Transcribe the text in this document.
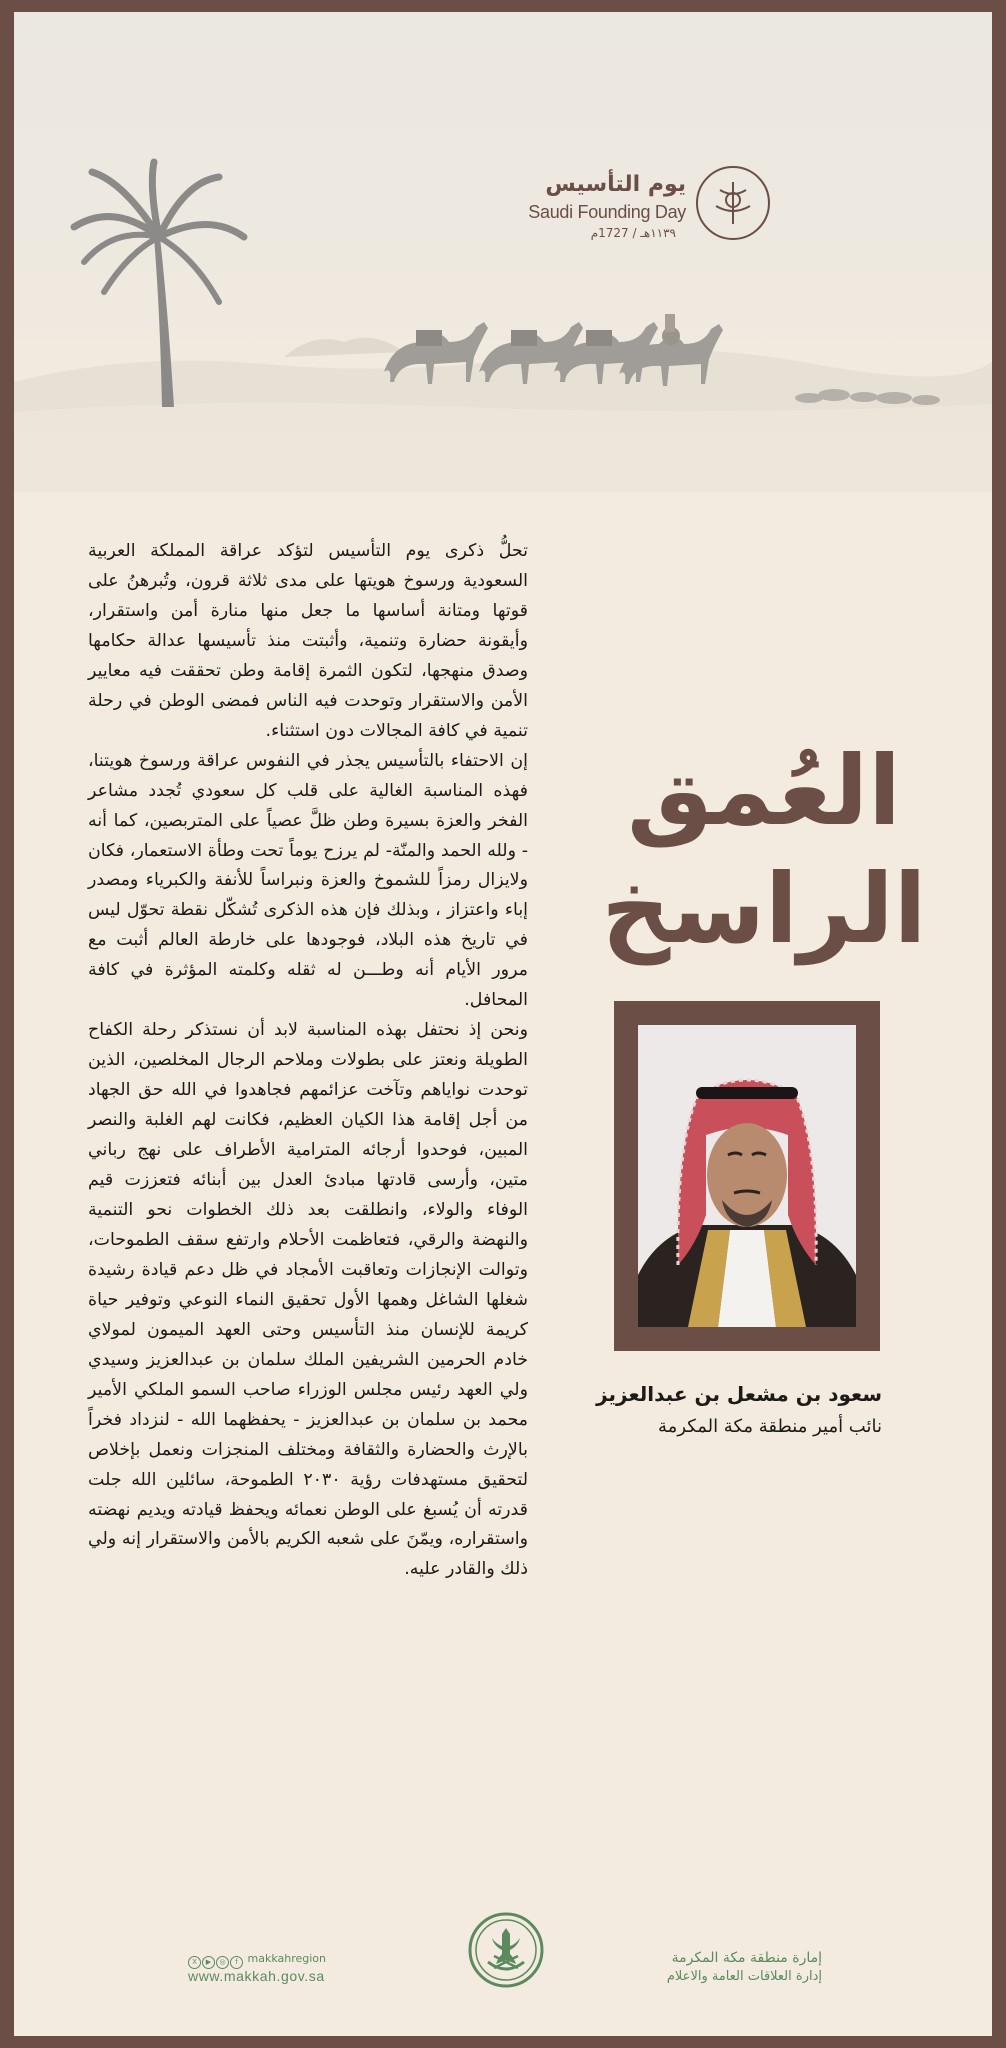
يوم التأسيس
Saudi Founding Day
١١٣٩هـ / 1727م
تحلُّ ذكرى يوم التأسيس لتؤكد عراقة المملكة العربية السعودية ورسوخ هويتها على مدى ثلاثة قرون، وتُبرهنُ على قوتها ومتانة أساسها ما جعل منها منارة أمن واستقرار، وأيقونة حضارة وتنمية، وأثبتت منذ تأسيسها عدالة حكامها وصدق منهجها، لتكون الثمرة إقامة وطن تحققت فيه معايير الأمن والاستقرار وتوحدت فيه الناس فمضى الوطن في رحلة تنمية في كافة المجالات دون استثناء.
إن الاحتفاء بالتأسيس يجذر في النفوس عراقة ورسوخ هويتنا، فهذه المناسبة الغالية على قلب كل سعودي تُجدد مشاعر الفخر والعزة بسيرة وطن ظلَّ عصياً على المتربصين، كما أنه - ولله الحمد والمنّة- لم يرزح يوماً تحت وطأة الاستعمار، فكان ولايزال رمزاً للشموخ والعزة ونبراساً للأنفة والكبرياء ومصدر إباء واعتزاز ، وبذلك فإن هذه الذكرى تُشكّل نقطة تحوّل ليس في تاريخ هذه البلاد، فوجودها على خارطة العالم أثبت مع مرور الأيام أنه وطـــن له ثقله وكلمته المؤثرة في كافة المحافل.
ونحن إذ نحتفل بهذه المناسبة لابد أن نستذكر رحلة الكفاح الطويلة ونعتز على بطولات وملاحم الرجال المخلصين، الذين توحدت نواياهم وتآخت عزائمهم فجاهدوا في الله حق الجهاد من أجل إقامة هذا الكيان العظيم، فكانت لهم الغلبة والنصر المبين، فوحدوا أرجائه المترامية الأطراف على نهج رباني متين، وأرسى قادتها مبادئ العدل بين أبنائه فتعززت قيم الوفاء والولاء، وانطلقت بعد ذلك الخطوات نحو التنمية والنهضة والرقي، فتعاظمت الأحلام وارتفع سقف الطموحات، وتوالت الإنجازات وتعاقبت الأمجاد في ظل دعم قيادة رشيدة شغلها الشاغل وهمها الأول تحقيق النماء النوعي وتوفير حياة كريمة للإنسان منذ التأسيس وحتى العهد الميمون لمولاي خادم الحرمين الشريفين الملك سلمان بن عبدالعزيز وسيدي ولي العهد رئيس مجلس الوزراء صاحب السمو الملكي الأمير محمد بن سلمان بن عبدالعزيز - يحفظهما الله - لنزداد فخراً بالإرث والحضارة والثقافة ومختلف المنجزات ونعمل بإخلاص لتحقيق مستهدفات رؤية ٢٠٣٠ الطموحة، سائلين الله جلت قدرته أن يُسبغ على الوطن نعمائه ويحفظ قيادته ويديم نهضته واستقراره، ويمّنَ على شعبه الكريم بالأمن والاستقرار إنه ولي ذلك والقادر عليه.
العُمق
الراسخ
سعود بن مشعل بن عبدالعزيز
نائب أمير منطقة مكة المكرمة
X ▶ ◎ f makkahregion
www.makkah.gov.sa
إمارة منطقة مكة المكرمة
إدارة العلاقات العامة والاعلام
